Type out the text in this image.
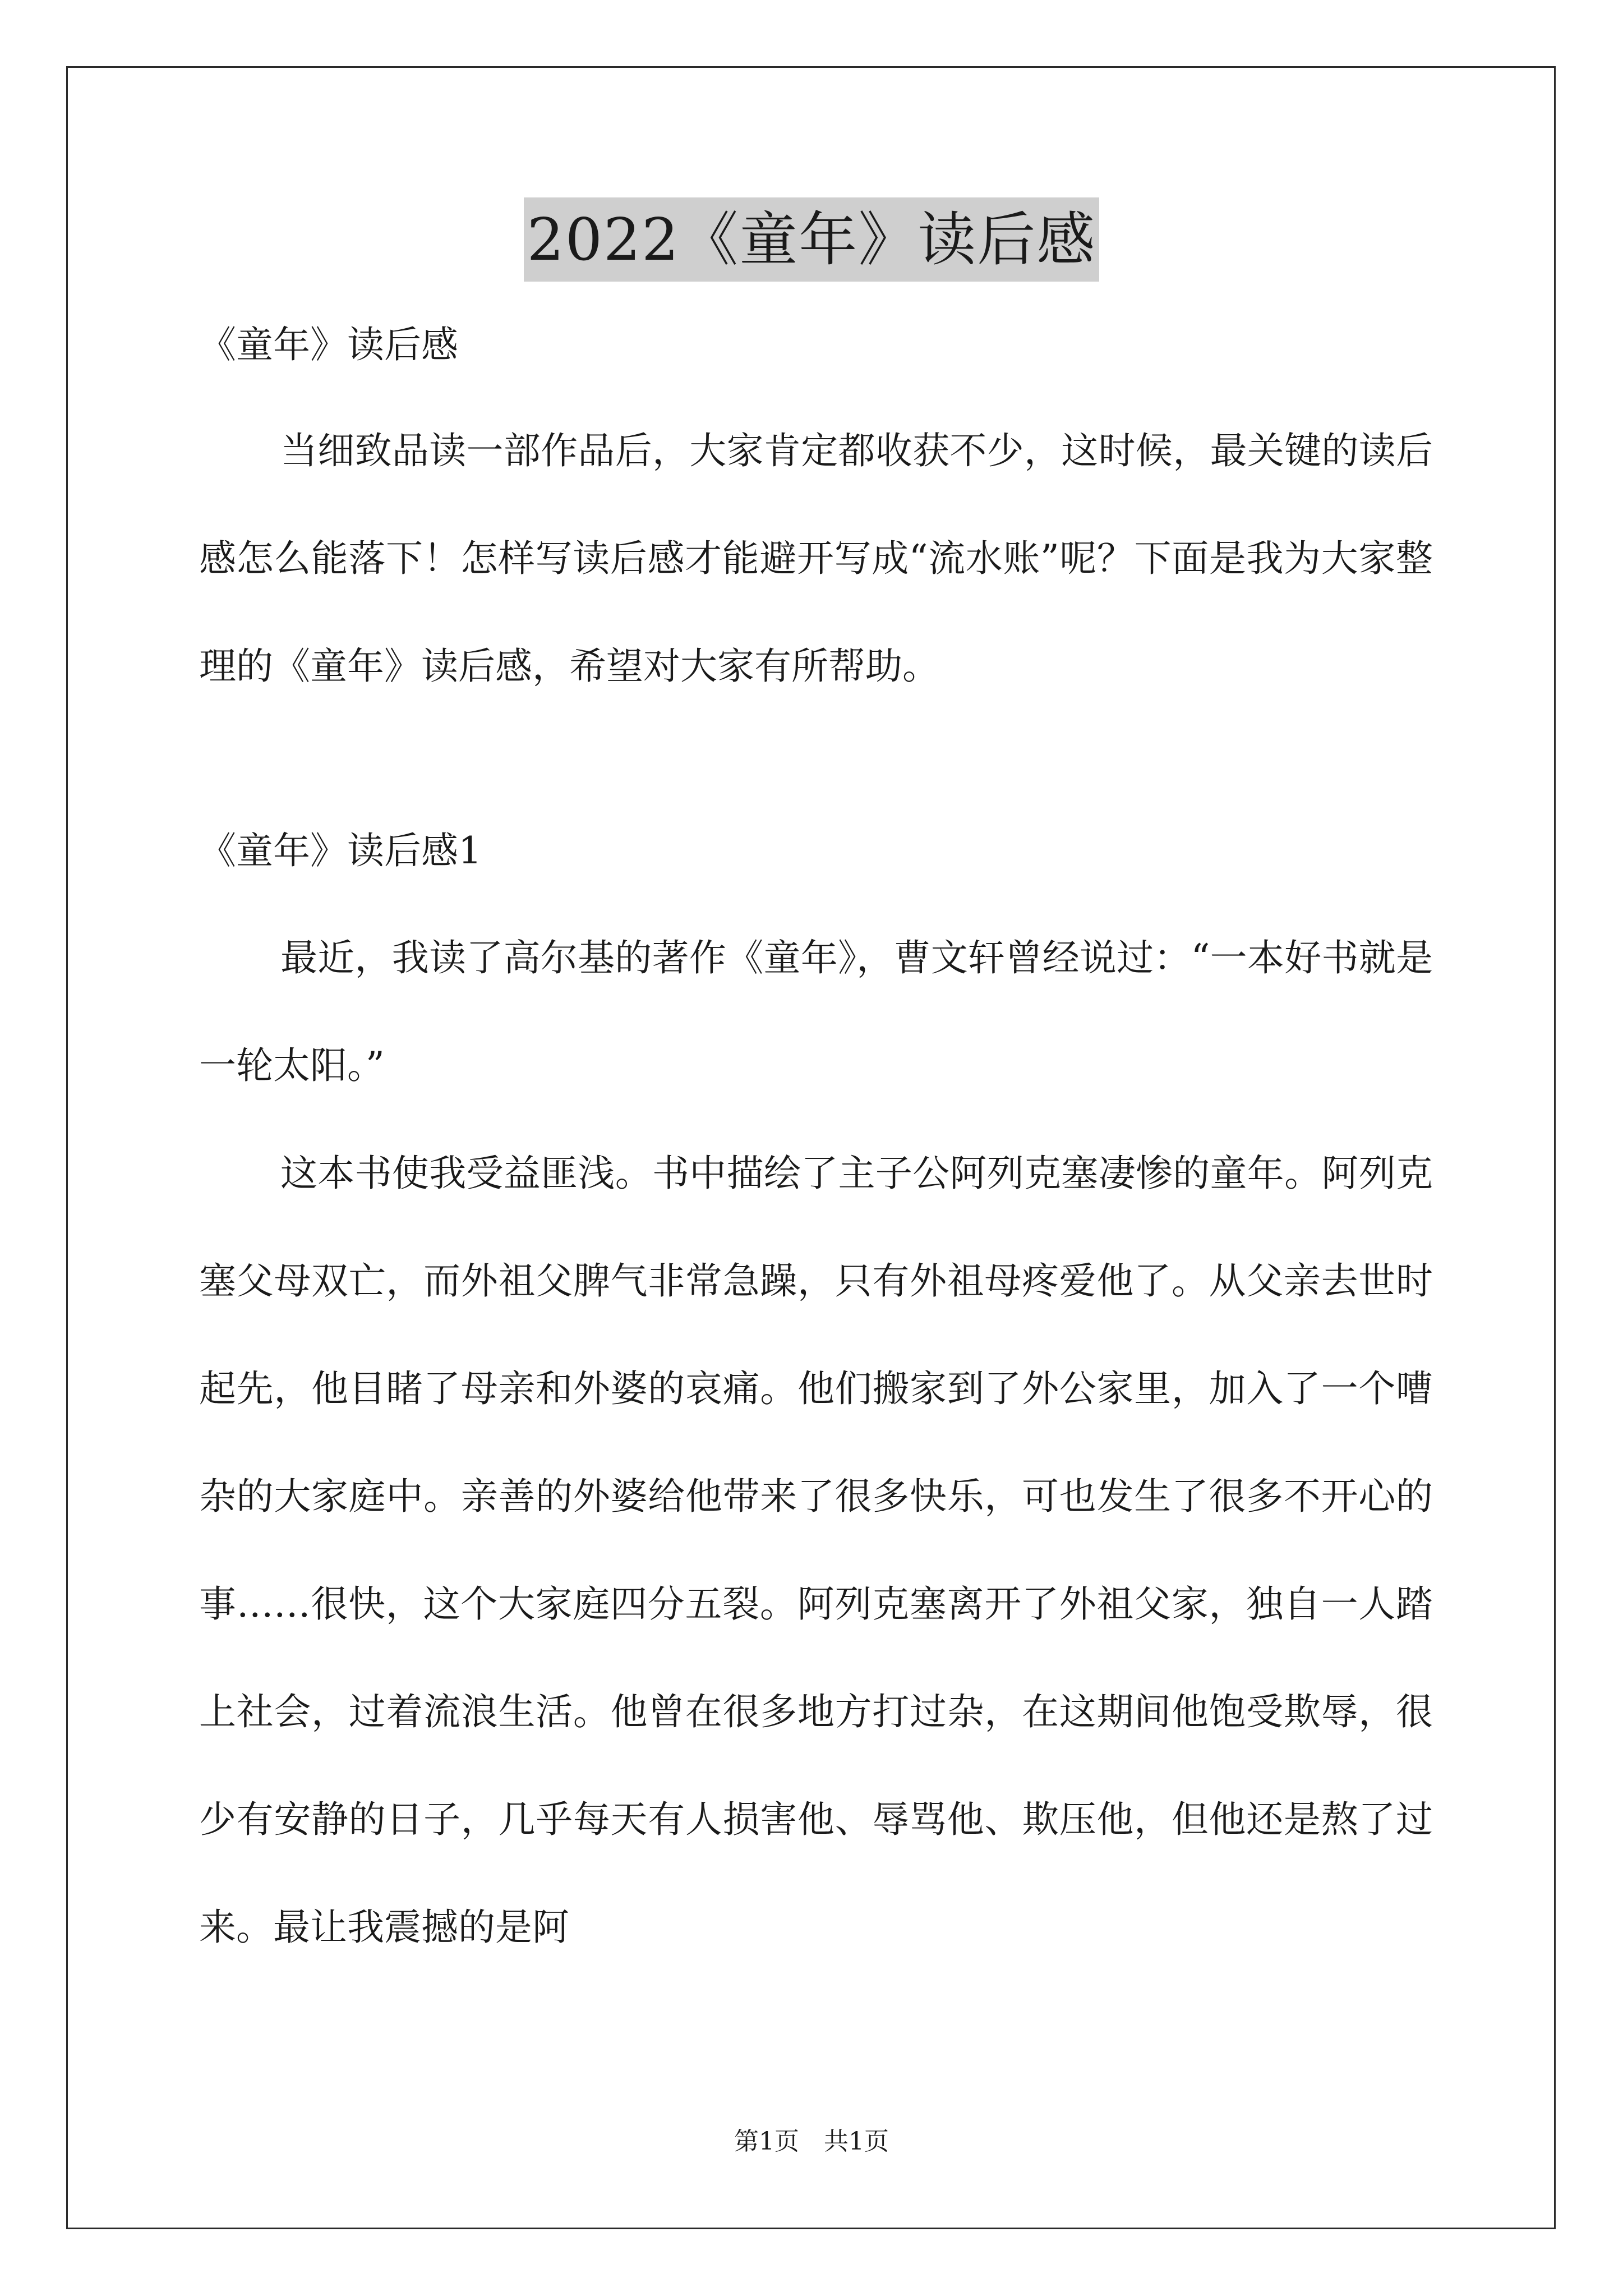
2022《童年》读后感

《童年》读后感

当细致品读一部作品后，大家肯定都收获不少，这时候，最关键的读后感怎么能落下！怎样写读后感才能避开写成“流水账”呢？下面是我为大家整理的《童年》读后感，希望对大家有所帮助。

《童年》读后感1

最近，我读了高尔基的著作《童年》，曹文轩曾经说过：“一本好书就是一轮太阳。”

这本书使我受益匪浅。书中描绘了主子公阿列克塞凄惨的童年。阿列克塞父母双亡，而外祖父脾气非常急躁，只有外祖母疼爱他了。从父亲去世时起先，他目睹了母亲和外婆的哀痛。他们搬家到了外公家里，加入了一个嘈杂的大家庭中。亲善的外婆给他带来了很多快乐，可也发生了很多不开心的事……很快，这个大家庭四分五裂。阿列克塞离开了外祖父家，独自一人踏上社会，过着流浪生活。他曾在很多地方打过杂，在这期间他饱受欺辱，很少有安静的日子，几乎每天有人损害他、辱骂他、欺压他，但他还是熬了过来。最让我震撼的是阿

第1页　共1页
